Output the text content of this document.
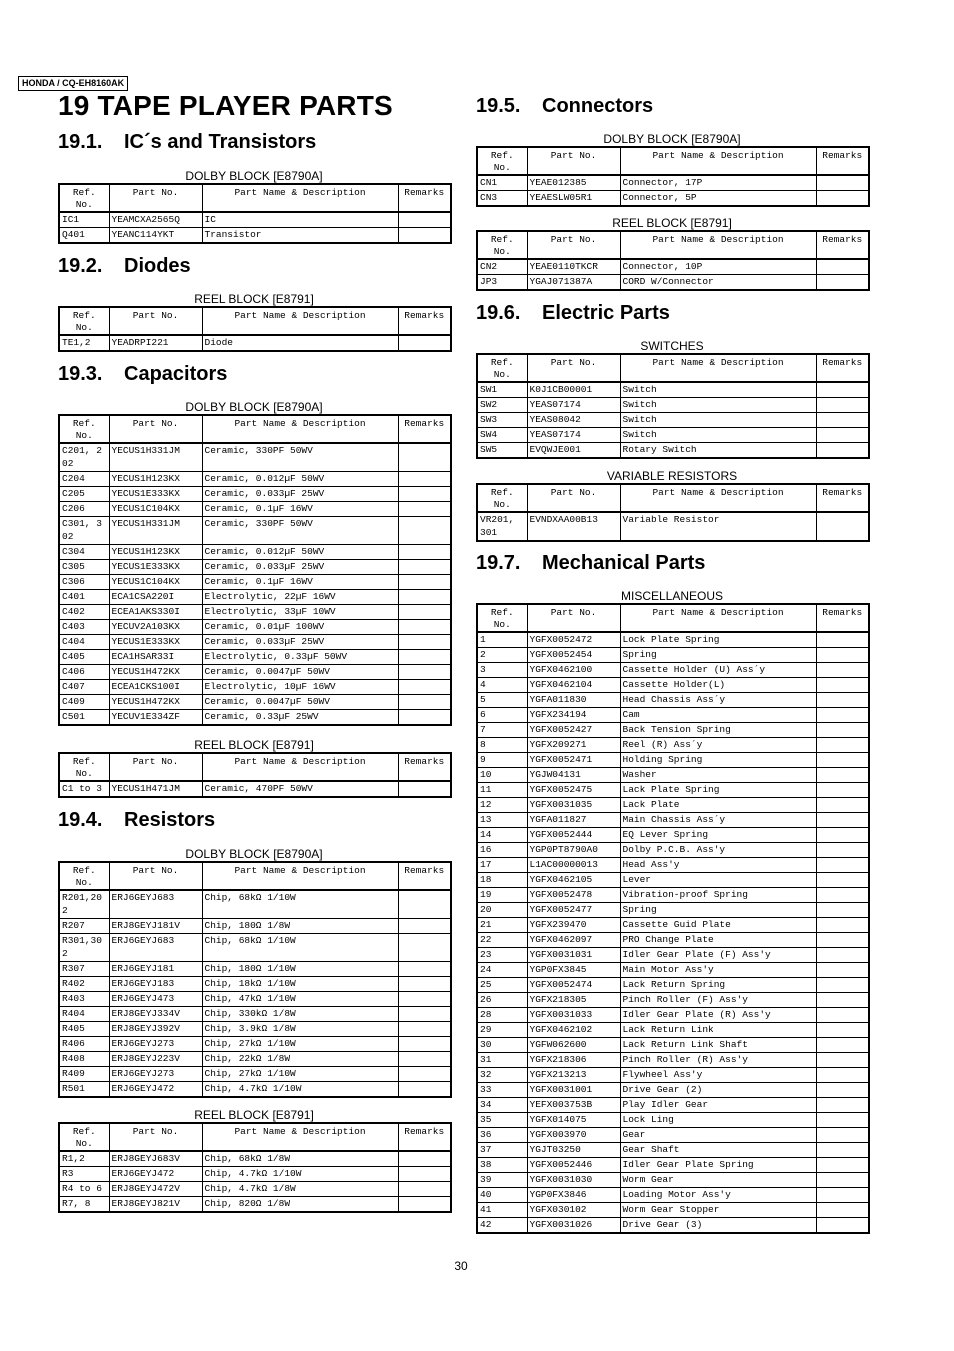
HONDA / CQ-EH8160AK
19 TAPE PLAYER PARTS
19.1. IC´s and Transistors
DOLBY BLOCK [E8790A]
Ref.
No.	Part No.	Part Name & Description	Remarks
IC1	YEAMCXA2565Q	IC	
Q401	YEANC114YKT	Transistor	
19.2. Diodes
REEL BLOCK [E8791]
Ref.
No.	Part No.	Part Name & Description	Remarks
TE1,2	YEADRPI221	Diode	
19.3. Capacitors
DOLBY BLOCK [E8790A]
Ref.
No.	Part No.	Part Name & Description	Remarks
C201, 202	YECUS1H331JM	Ceramic, 330PF 50WV	
C204	YECUS1H123KX	Ceramic, 0.012µF 50WV	
C205	YECUS1E333KX	Ceramic, 0.033µF 25WV	
C206	YECUS1C104KX	Ceramic, 0.1µF 16WV	
C301, 302	YECUS1H331JM	Ceramic, 330PF 50WV	
C304	YECUS1H123KX	Ceramic, 0.012µF 50WV	
C305	YECUS1E333KX	Ceramic, 0.033µF 25WV	
C306	YECUS1C104KX	Ceramic, 0.1µF 16WV	
C401	ECA1CSA220I	Electrolytic, 22µF 16WV	
C402	ECEA1AKS330I	Electrolytic, 33µF 10WV	
C403	YECUV2A103KX	Ceramic, 0.01µF 100WV	
C404	YECUS1E333KX	Ceramic, 0.033µF 25WV	
C405	ECA1HSAR33I	Electrolytic, 0.33µF 50WV	
C406	YECUS1H472KX	Ceramic, 0.0047µF 50WV	
C407	ECEA1CKS100I	Electrolytic, 10µF 16WV	
C409	YECUS1H472KX	Ceramic, 0.0047µF 50WV	
C501	YECUV1E334ZF	Ceramic, 0.33µF 25WV	
REEL BLOCK [E8791]
Ref.
No.	Part No.	Part Name & Description	Remarks
C1 to 3	YECUS1H471JM	Ceramic, 470PF 50WV	
19.4. Resistors
DOLBY BLOCK [E8790A]
Ref.
No.	Part No.	Part Name & Description	Remarks
R201,202	ERJ6GEYJ683	Chip, 68kΩ 1/10W	
R207	ERJ8GEYJ181V	Chip, 180Ω 1/8W	
R301,302	ERJ6GEYJ683	Chip, 68kΩ 1/10W	
R307	ERJ6GEYJ181	Chip, 180Ω 1/10W	
R402	ERJ6GEYJ183	Chip, 18kΩ 1/10W	
R403	ERJ6GEYJ473	Chip, 47kΩ 1/10W	
R404	ERJ8GEYJ334V	Chip, 330kΩ 1/8W	
R405	ERJ8GEYJ392V	Chip, 3.9kΩ 1/8W	
R406	ERJ6GEYJ273	Chip, 27kΩ 1/10W	
R408	ERJ8GEYJ223V	Chip, 22kΩ 1/8W	
R409	ERJ6GEYJ273	Chip, 27kΩ 1/10W	
R501	ERJ6GEYJ472	Chip, 4.7kΩ 1/10W	
REEL BLOCK [E8791]
Ref.
No.	Part No.	Part Name & Description	Remarks
R1,2	ERJ8GEYJ683V	Chip, 68kΩ 1/8W	
R3	ERJ6GEYJ472	Chip, 4.7kΩ 1/10W	
R4 to 6	ERJ8GEYJ472V	Chip, 4.7kΩ 1/8W	
R7, 8	ERJ8GEYJ821V	Chip, 820Ω 1/8W	
19.5. Connectors
DOLBY BLOCK [E8790A]
Ref.
No.	Part No.	Part Name & Description	Remarks
CN1	YEAE012385	Connector, 17P	
CN3	YEAESLW05R1	Connector, 5P	
REEL BLOCK [E8791]
Ref.
No.	Part No.	Part Name & Description	Remarks
CN2	YEAE0110TKCR	Connector, 10P	
JP3	YGAJ071387A	CORD W/Connector	
19.6. Electric Parts
SWITCHES
Ref.
No.	Part No.	Part Name & Description	Remarks
SW1	K0J1CB00001	Switch	
SW2	YEAS07174	Switch	
SW3	YEAS08042	Switch	
SW4	YEAS07174	Switch	
SW5	EVQWJE001	Rotary Switch	
VARIABLE RESISTORS
Ref.
No.	Part No.	Part Name & Description	Remarks
VR201, 301	EVNDXAA00B13	Variable Resistor	
19.7. Mechanical Parts
MISCELLANEOUS
Ref.
No.	Part No.	Part Name & Description	Remarks
1	YGFX0052472	Lock Plate Spring	
2	YGFX0052454	Spring	
3	YGFX0462100	Cassette Holder (U) Ass´y	
4	YGFX0462104	Cassette Holder(L)	
5	YGFA011830	Head Chassis Ass´y	
6	YGFX234194	Cam	
7	YGFX0052427	Back Tension Spring	
8	YGFX209271	Reel (R) Ass´y	
9	YGFX0052471	Holding Spring	
10	YGJW04131	Washer	
11	YGFX0052475	Lack Plate Spring	
12	YGFX0031035	Lack Plate	
13	YGFA011827	Main Chassis Ass´y	
14	YGFX0052444	EQ Lever Spring	
16	YGP0PT8790A0	Dolby P.C.B. Ass'y	
17	L1AC00000013	Head Ass'y	
18	YGFX0462105	Lever	
19	YGFX0052478	Vibration-proof Spring	
20	YGFX0052477	Spring	
21	YGFX239470	Cassette Guid Plate	
22	YGFX0462097	PRO Change Plate	
23	YGFX0031031	Idler Gear Plate (F) Ass'y	
24	YGP0FX3845	Main Motor Ass'y	
25	YGFX0052474	Lack Return Spring	
26	YGFX218305	Pinch Roller (F) Ass'y	
28	YGFX0031033	Idler Gear Plate (R) Ass'y	
29	YGFX0462102	Lack Return Link	
30	YGFW062600	Lack Return Link Shaft	
31	YGFX218306	Pinch Roller (R) Ass'y	
32	YGFX213213	Flywheel Ass'y	
33	YGFX0031001	Drive Gear (2)	
34	YEFX003753B	Play Idler Gear	
35	YGFX014075	Lock Ling	
36	YGFX003970	Gear	
37	YGJT03250	Gear Shaft	
38	YGFX0052446	Idler Gear Plate Spring	
39	YGFX0031030	Worm Gear	
40	YGP0FX3846	Loading Motor Ass'y	
41	YGFX030102	Worm Gear Stopper	
42	YGFX0031026	Drive Gear (3)	
30
